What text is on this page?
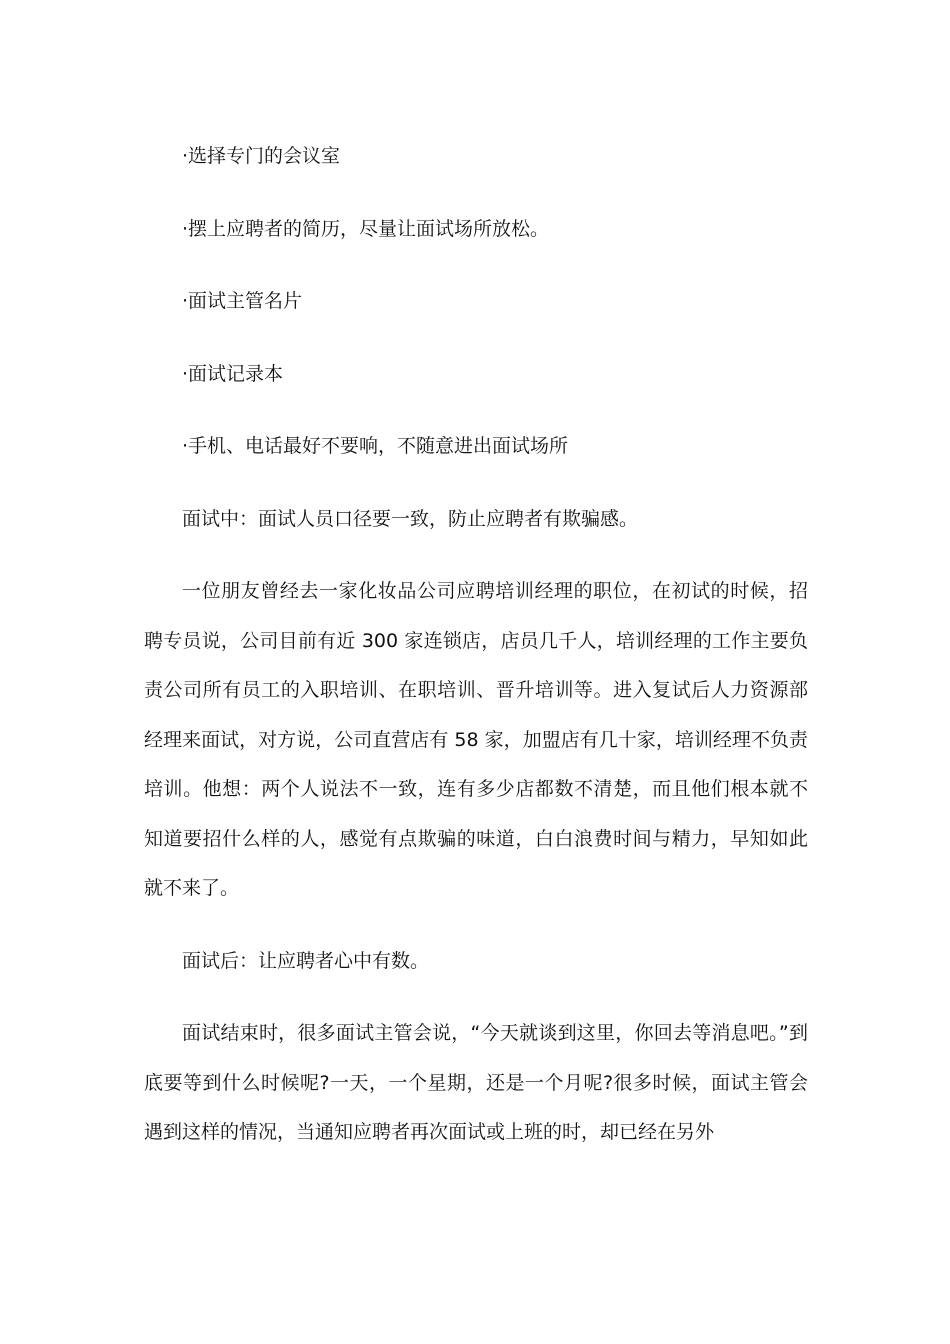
·选择专门的会议室

·摆上应聘者的简历，尽量让面试场所放松。

·面试主管名片

·面试记录本

·手机、电话最好不要响，不随意进出面试场所

面试中：面试人员口径要一致，防止应聘者有欺骗感。

一位朋友曾经去一家化妆品公司应聘培训经理的职位，在初试的时候，招聘专员说，公司目前有近 300 家连锁店，店员几千人，培训经理的工作主要负责公司所有员工的入职培训、在职培训、晋升培训等。进入复试后人力资源部经理来面试，对方说，公司直营店有 58 家，加盟店有几十家，培训经理不负责培训。他想：两个人说法不一致，连有多少店都数不清楚，而且他们根本就不知道要招什么样的人，感觉有点欺骗的味道，白白浪费时间与精力，早知如此就不来了。

面试后：让应聘者心中有数。

面试结束时，很多面试主管会说，“今天就谈到这里，你回去等消息吧。”到底要等到什么时候呢?一天，一个星期，还是一个月呢?很多时候，面试主管会遇到这样的情况，当通知应聘者再次面试或上班的时，却已经在另外
